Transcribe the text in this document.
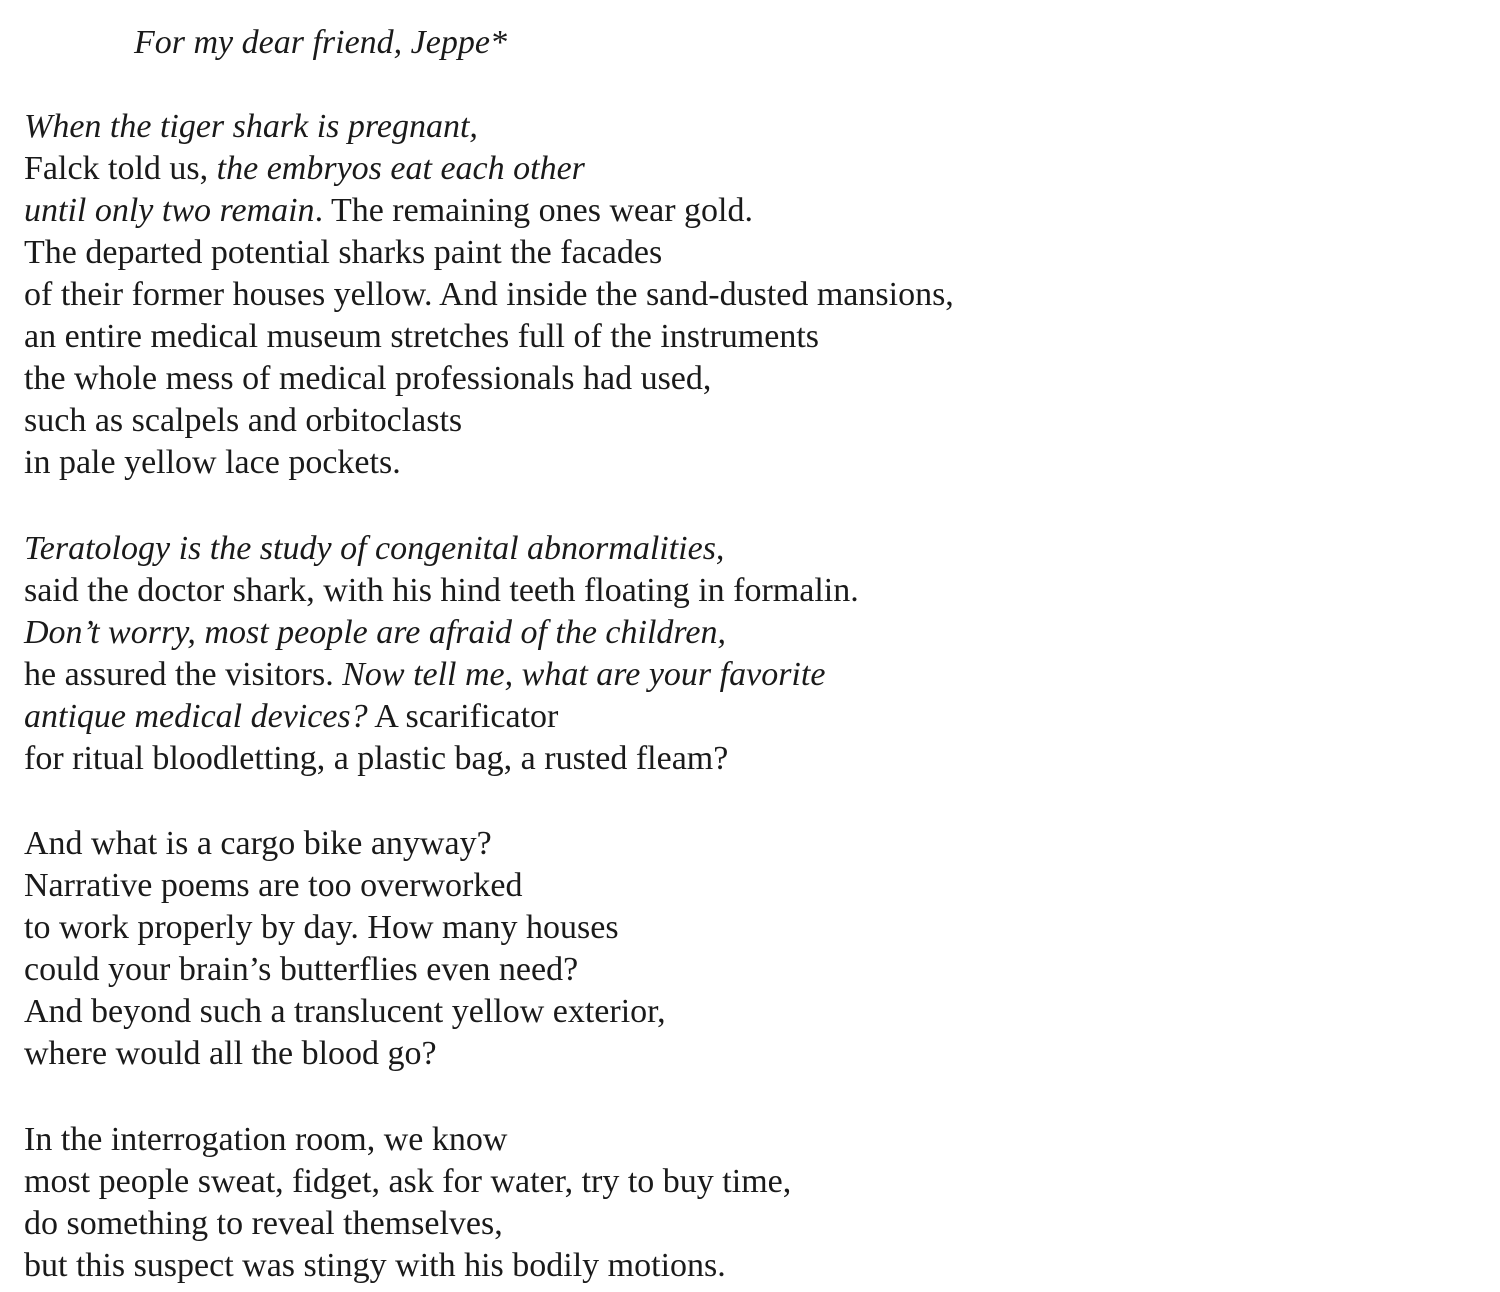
For my dear friend, Jeppe*
When the tiger shark is pregnant,
Falck told us, the embryos eat each other
until only two remain. The remaining ones wear gold.
The departed potential sharks paint the facades
of their former houses yellow. And inside the sand-dusted mansions,
an entire medical museum stretches full of the instruments
the whole mess of medical professionals had used,
such as scalpels and orbitoclasts
in pale yellow lace pockets.
Teratology is the study of congenital abnormalities,
said the doctor shark, with his hind teeth floating in formalin.
Don’t worry, most people are afraid of the children,
he assured the visitors. Now tell me, what are your favorite
antique medical devices? A scarificator
for ritual bloodletting, a plastic bag, a rusted fleam?
And what is a cargo bike anyway?
Narrative poems are too overworked
to work properly by day. How many houses
could your brain’s butterflies even need?
And beyond such a translucent yellow exterior,
where would all the blood go?
In the interrogation room, we know
most people sweat, fidget, ask for water, try to buy time,
do something to reveal themselves,
but this suspect was stingy with his bodily motions.
